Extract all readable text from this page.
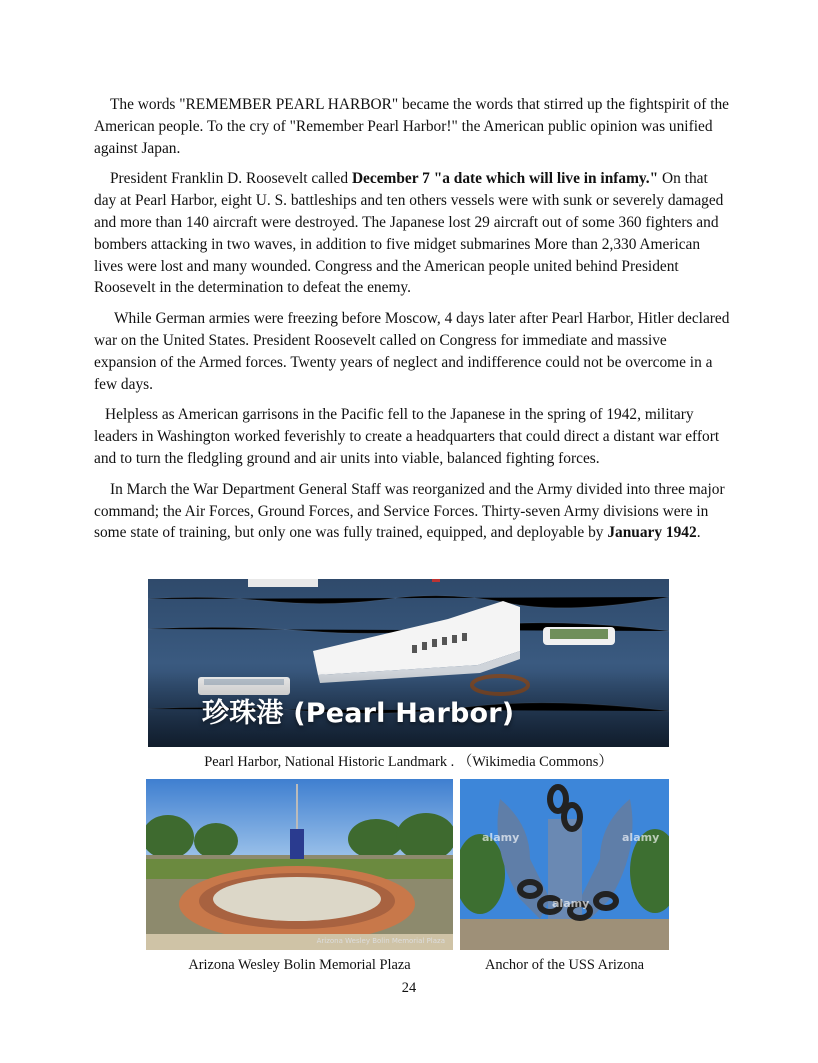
The words "REMEMBER PEARL HARBOR" became the words that stirred up the fightspirit of the American people. To the cry of "Remember Pearl Harbor!" the American public opinion was unified against Japan.

President Franklin D. Roosevelt called December 7 "a date which will live in infamy." On that day at Pearl Harbor, eight U. S. battleships and ten others vessels were with sunk or severely damaged and more than 140 aircraft were destroyed. The Japanese lost 29 aircraft out of some 360 fighters and bombers attacking in two waves, in addition to five midget submarines More than 2,330 American lives were lost and many wounded. Congress and the American people united behind President Roosevelt in the determination to defeat the enemy.

While German armies were freezing before Moscow, 4 days later after Pearl Harbor, Hitler declared war on the United States. President Roosevelt called on Congress for immediate and massive expansion of the Armed forces. Twenty years of neglect and indifference could not be overcome in a few days.

Helpless as American garrisons in the Pacific fell to the Japanese in the spring of 1942, military leaders in Washington worked feverishly to create a headquarters that could direct a distant war effort and to turn the fledgling ground and air units into viable, balanced fighting forces.

In March the War Department General Staff was reorganized and the Army divided into three major command; the Air Forces, Ground Forces, and Service Forces. Thirty-seven Army divisions were in some state of training, but only one was fully trained, equipped, and deployable by January 1942.

珍珠港 (Pearl Harbor)
Pearl Harbor, National Historic Landmark . （Wikimedia Commons）
Arizona Wesley Bolin Memorial Plaza
alamy	alamy
alamy
Arizona Wesley Bolin Memorial Plaza	Anchor of the USS Arizona
24
